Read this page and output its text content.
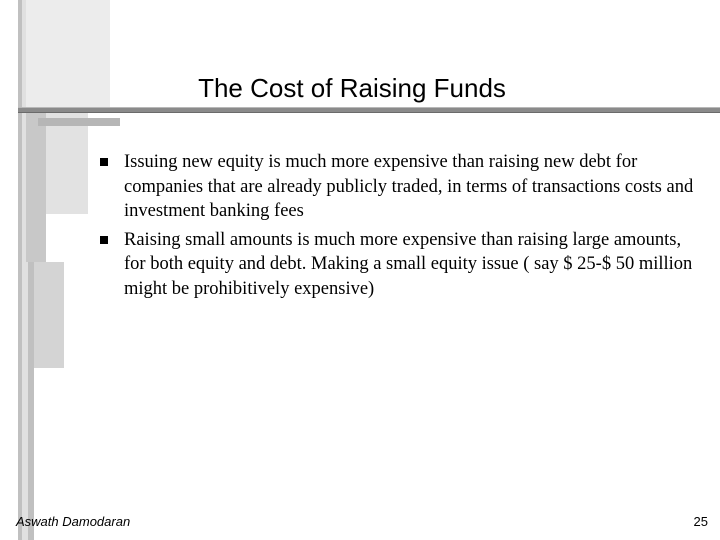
The Cost of Raising Funds
Issuing new equity is much more expensive than raising new debt for companies that are already publicly traded, in terms of transactions costs and investment banking fees
Raising small amounts is much more expensive than raising large amounts, for both equity and debt. Making a small equity issue ( say $ 25-$ 50 million might be prohibitively expensive)
Aswath Damodaran	25
